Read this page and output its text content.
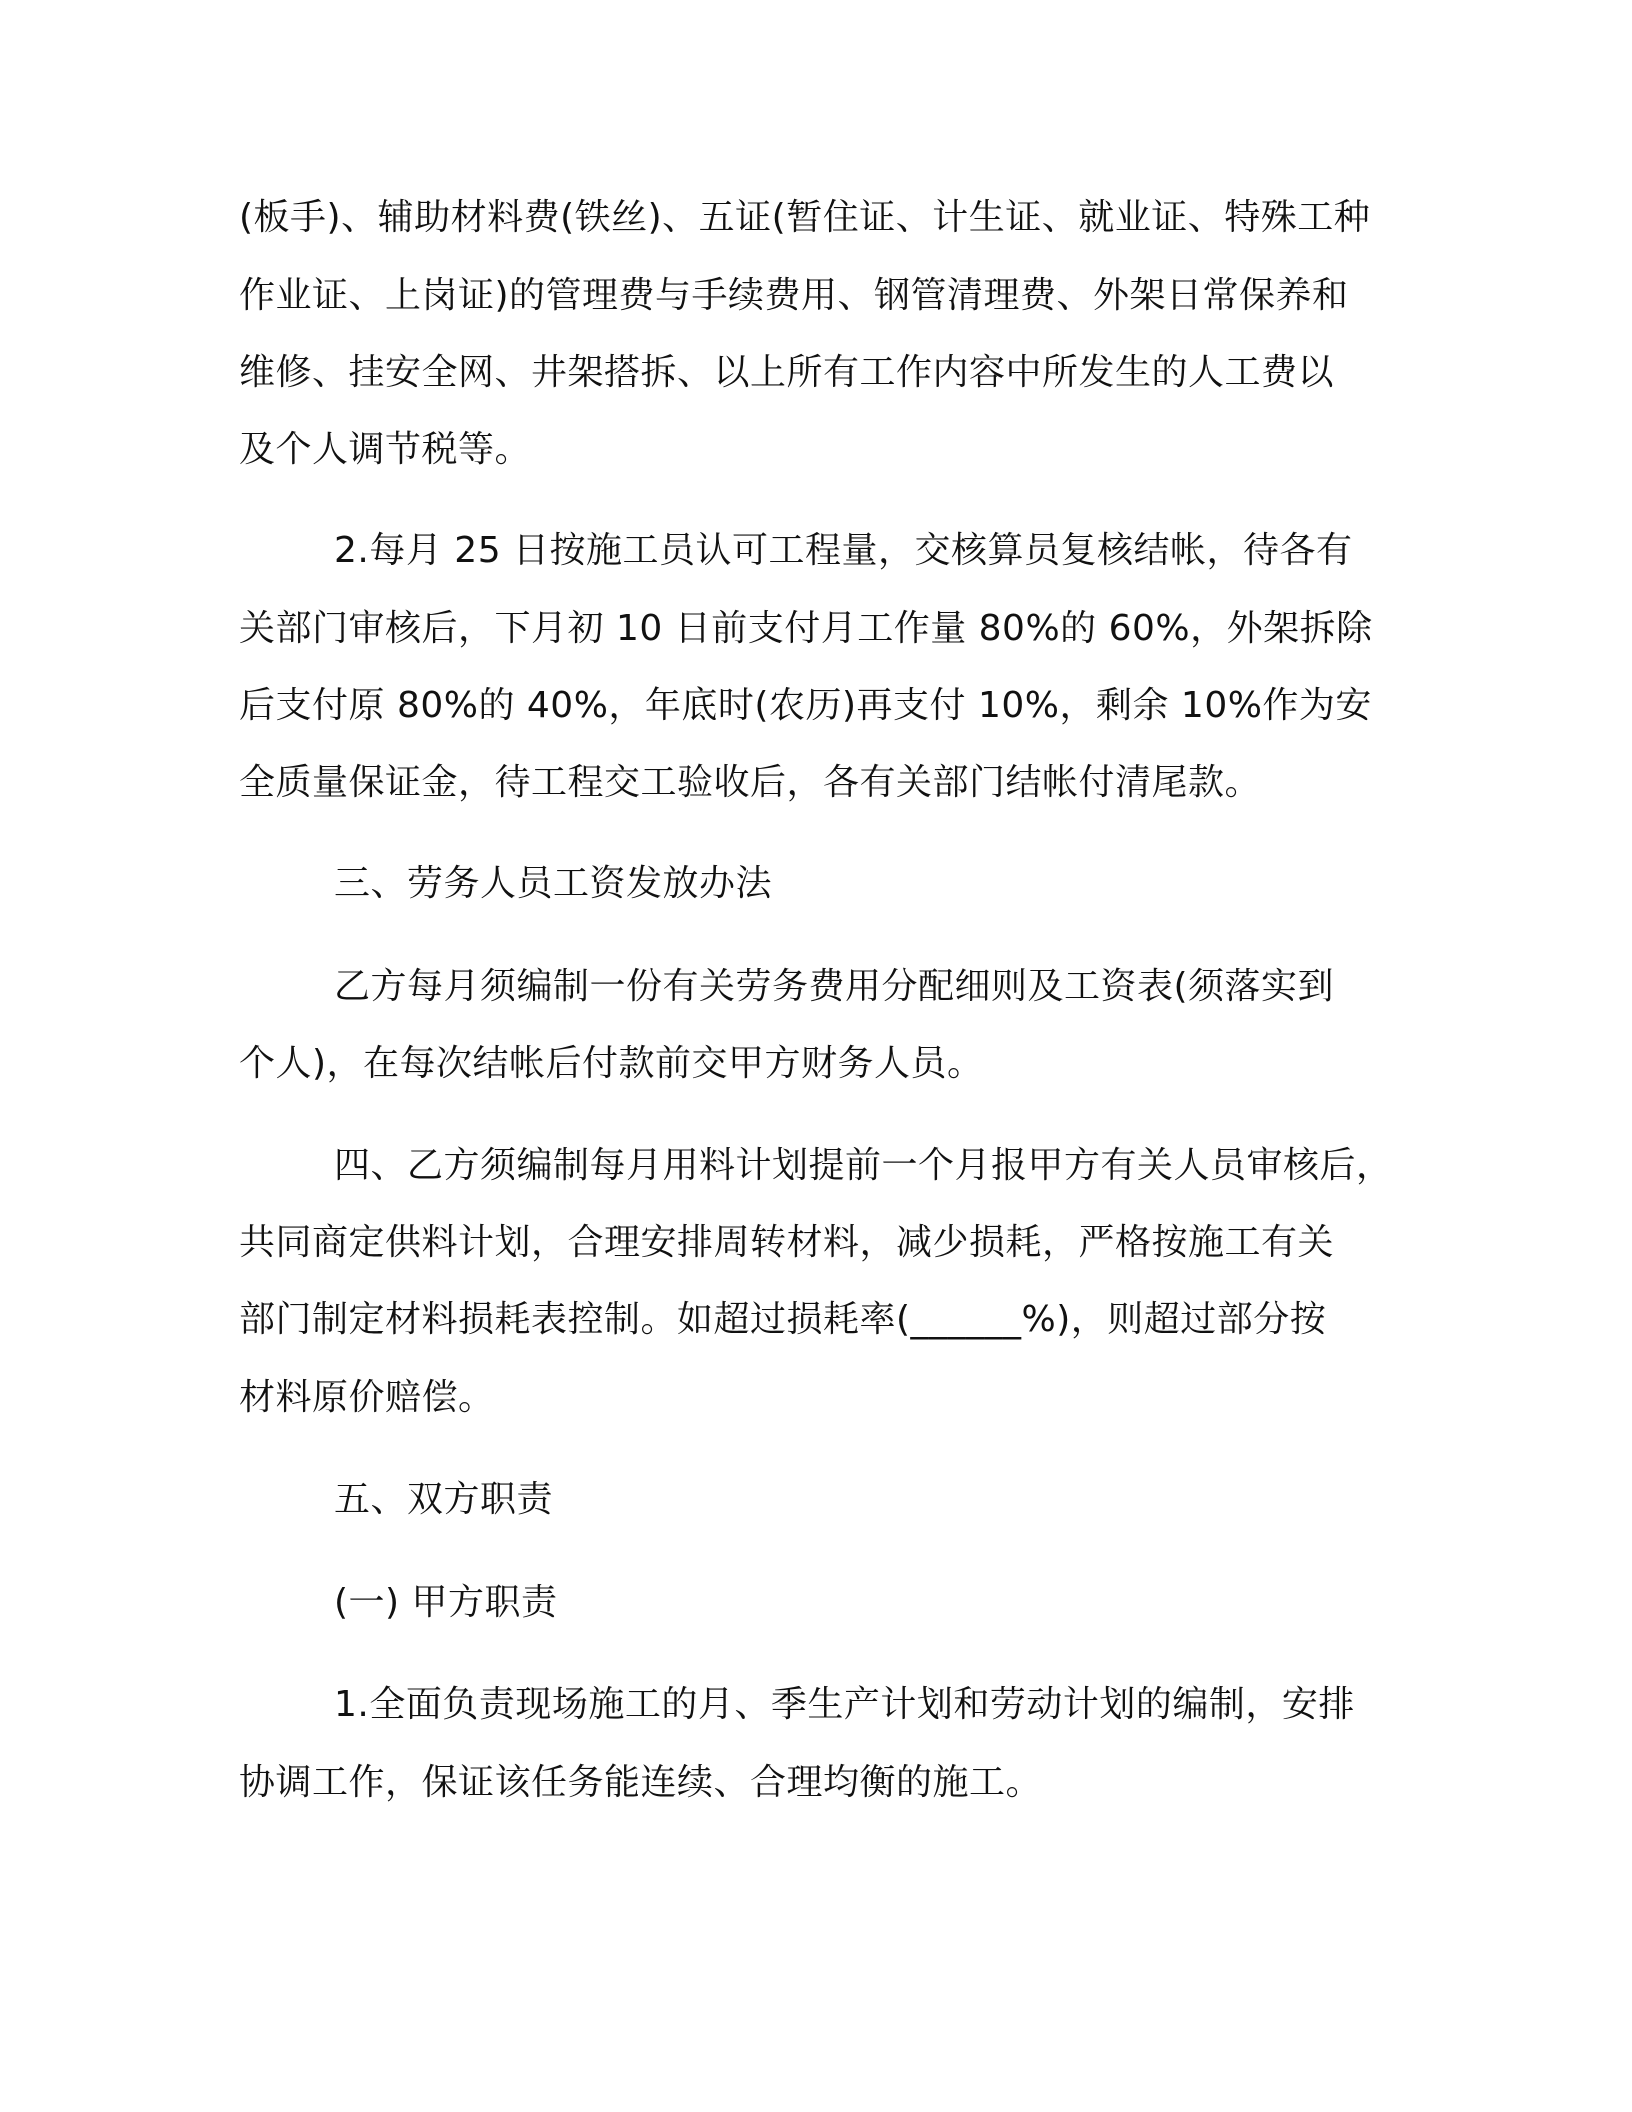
(板手)、辅助材料费(铁丝)、五证(暂住证、计生证、就业证、特殊工种
作业证、上岗证)的管理费与手续费用、钢管清理费、外架日常保养和
维修、挂安全网、井架搭拆、以上所有工作内容中所发生的人工费以
及个人调节税等。
2.每月 25 日按施工员认可工程量，交核算员复核结帐，待各有
关部门审核后，下月初 10 日前支付月工作量 80%的 60%，外架拆除
后支付原 80%的 40%，年底时(农历)再支付 10%，剩余 10%作为安
全质量保证金，待工程交工验收后，各有关部门结帐付清尾款。
三、劳务人员工资发放办法
乙方每月须编制一份有关劳务费用分配细则及工资表(须落实到
个人)，在每次结帐后付款前交甲方财务人员。
四、乙方须编制每月用料计划提前一个月报甲方有关人员审核后，
共同商定供料计划，合理安排周转材料，减少损耗，严格按施工有关
部门制定材料损耗表控制。如超过损耗率(______%)，则超过部分按
材料原价赔偿。
五、双方职责
(一) 甲方职责
1.全面负责现场施工的月、季生产计划和劳动计划的编制，安排
协调工作，保证该任务能连续、合理均衡的施工。
